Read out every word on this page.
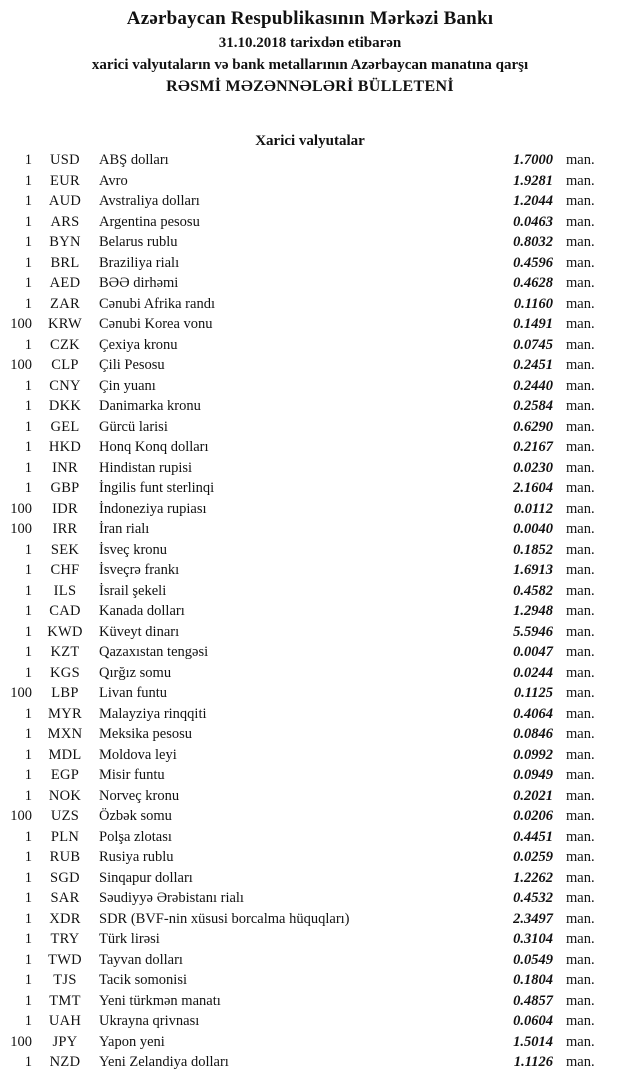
Azərbaycan Respublikasının Mərkəzi Bankı
31.10.2018 tarixdən etibarən
xarici valyutaların və bank metallarının Azərbaycan manatına qarşı
RƏSMİ MƏZƏNNƏLƏRİ BÜLLETENİ
Xarici valyutalar
1	USD	ABŞ dolları	1.7000 man.
1	EUR	Avro	1.9281 man.
1	AUD	Avstraliya dolları	1.2044 man.
1	ARS	Argentina pesosu	0.0463 man.
1	BYN	Belarus rublu	0.8032 man.
1	BRL	Braziliya rialı	0.4596 man.
1	AED	BƏƏ dirhəmi	0.4628 man.
1	ZAR	Cənubi Afrika randı	0.1160 man.
100	KRW	Cənubi Korea vonu	0.1491 man.
1	CZK	Çexiya kronu	0.0745 man.
100	CLP	Çili Pesosu	0.2451 man.
1	CNY	Çin yuanı	0.2440 man.
1	DKK	Danimarka kronu	0.2584 man.
1	GEL	Gürcü larisi	0.6290 man.
1	HKD	Honq Konq dolları	0.2167 man.
1	INR	Hindistan rupisi	0.0230 man.
1	GBP	İngilis funt sterlinqi	2.1604 man.
100	IDR	İndoneziya rupiası	0.0112 man.
100	IRR	İran rialı	0.0040 man.
1	SEK	İsveç kronu	0.1852 man.
1	CHF	İsveçrə frankı	1.6913 man.
1	ILS	İsrail şekeli	0.4582 man.
1	CAD	Kanada dolları	1.2948 man.
1	KWD	Küveyt dinarı	5.5946 man.
1	KZT	Qazaxıstan tengəsi	0.0047 man.
1	KGS	Qırğız somu	0.0244 man.
100	LBP	Livan funtu	0.1125 man.
1	MYR	Malayziya rinqqiti	0.4064 man.
1	MXN	Meksika pesosu	0.0846 man.
1	MDL	Moldova leyi	0.0992 man.
1	EGP	Misir funtu	0.0949 man.
1	NOK	Norveç kronu	0.2021 man.
100	UZS	Özbək somu	0.0206 man.
1	PLN	Polşa zlotası	0.4451 man.
1	RUB	Rusiya rublu	0.0259 man.
1	SGD	Sinqapur dolları	1.2262 man.
1	SAR	Səudiyyə Ərəbistanı rialı	0.4532 man.
1	XDR	SDR (BVF-nin xüsusi borcalma hüquqları)	2.3497 man.
1	TRY	Türk lirəsi	0.3104 man.
1	TWD	Tayvan dolları	0.0549 man.
1	TJS	Tacik somonisi	0.1804 man.
1	TMT	Yeni türkmən manatı	0.4857 man.
1	UAH	Ukrayna qrivnası	0.0604 man.
100	JPY	Yapon yeni	1.5014 man.
1	NZD	Yeni Zelandiya dolları	1.1126 man.
